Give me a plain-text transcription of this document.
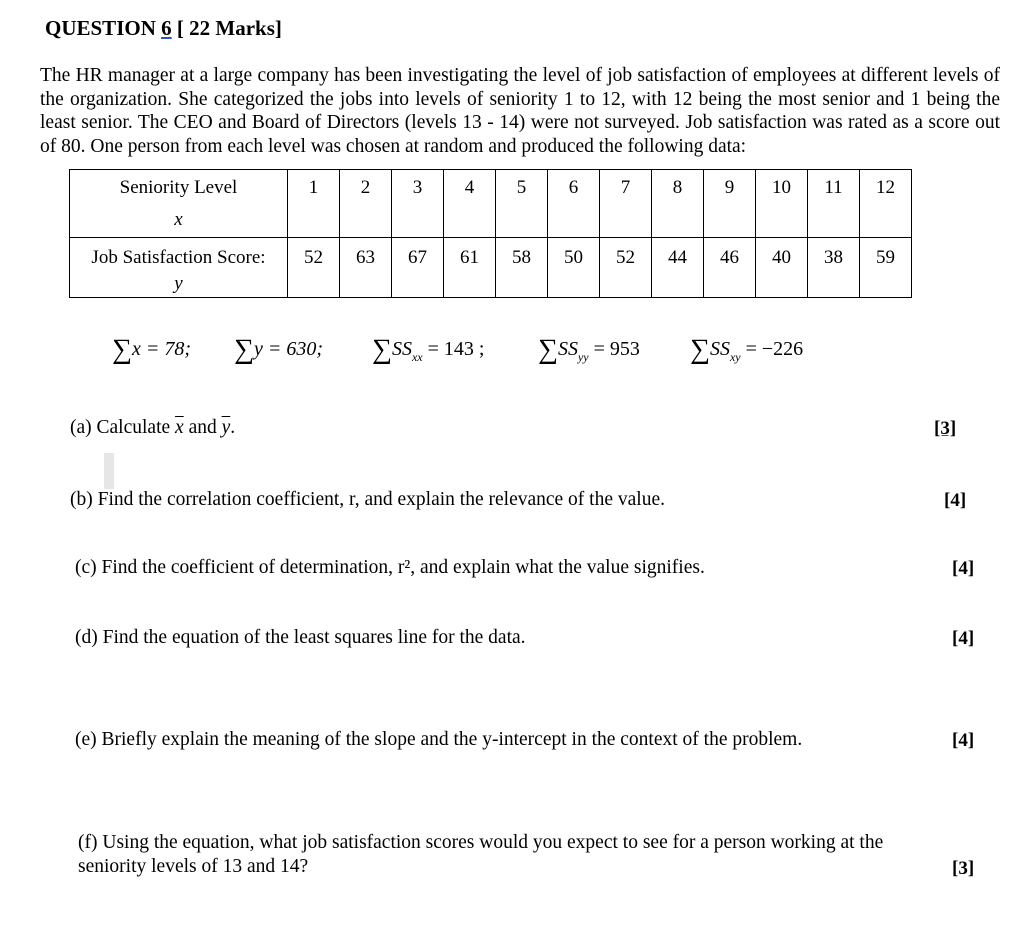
QUESTION 6 [ 22 Marks]
The HR manager at a large company has been investigating the level of job satisfaction of employees at different levels of the organization. She categorized the jobs into levels of seniority 1 to 12, with 12 being the most senior and 1 being the least senior. The CEO and Board of Directors (levels 13 - 14) were not surveyed. Job satisfaction was rated as a score out of 80. One person from each level was chosen at random and produced the following data:
Seniority Level
x	1	2	3	4	5	6	7	8	9	10	11	12

Job Satisfaction Score:
y	52	63	67	61	58	50	52	44	46	40	38	59
∑x = 78; ∑y = 630; $\sum SS_{xx} = 143$ ; $\sum SS_{yy} = 953$ $\sum SS_{xy} = -226$
(a) Calculate $\overline{x}$ and $\overline{y}$.	[3]
(b) Find the correlation coefficient, r, and explain the relevance of the value.	[4]
(c) Find the coefficient of determination, r², and explain what the value signifies.	[4]
(d) Find the equation of the least squares line for the data.	[4]
(e) Briefly explain the meaning of the slope and the y-intercept in the context of the problem.	[4]
(f) Using the equation, what job satisfaction scores would you expect to see for a person working at the
seniority levels of 13 and 14?	[3]
